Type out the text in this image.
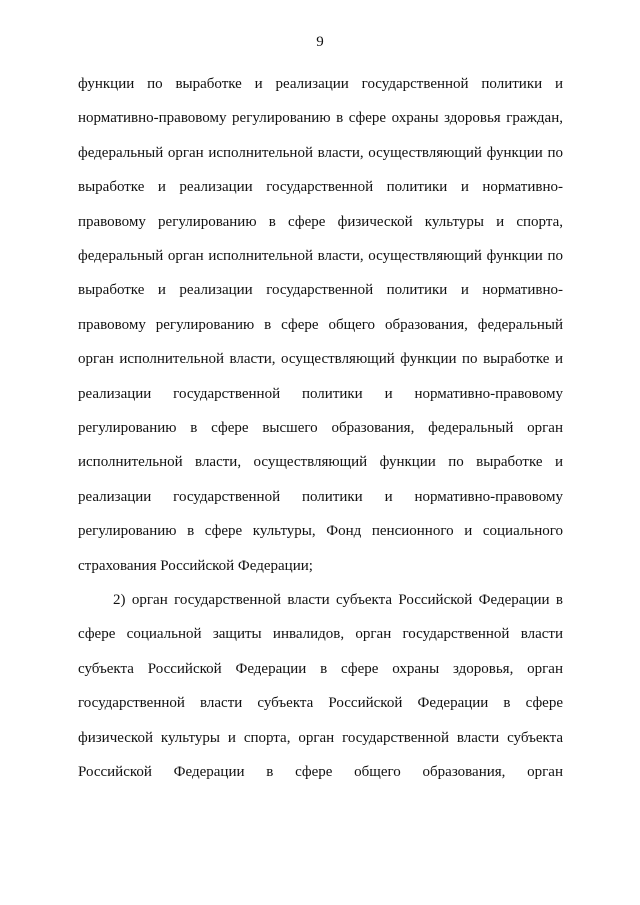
9
функции по выработке и реализации государственной политики и
нормативно-правовому регулированию в сфере охраны здоровья граждан,
федеральный орган исполнительной власти, осуществляющий функции по
выработке и реализации государственной политики и нормативно-
правовому регулированию в сфере физической культуры и спорта,
федеральный орган исполнительной власти, осуществляющий функции по
выработке и реализации государственной политики и нормативно-
правовому регулированию в сфере общего образования, федеральный
орган исполнительной власти, осуществляющий функции по выработке и
реализации государственной политики и нормативно-правовому
регулированию в сфере высшего образования, федеральный орган
исполнительной власти, осуществляющий функции по выработке и
реализации государственной политики и нормативно-правовому
регулированию в сфере культуры, Фонд пенсионного и социального
страхования Российской Федерации;
2) орган государственной власти субъекта Российской Федерации в
сфере социальной защиты инвалидов, орган государственной власти
субъекта Российской Федерации в сфере охраны здоровья, орган
государственной власти субъекта Российской Федерации в сфере
физической культуры и спорта, орган государственной власти субъекта
Российской Федерации в сфере общего образования, орган
